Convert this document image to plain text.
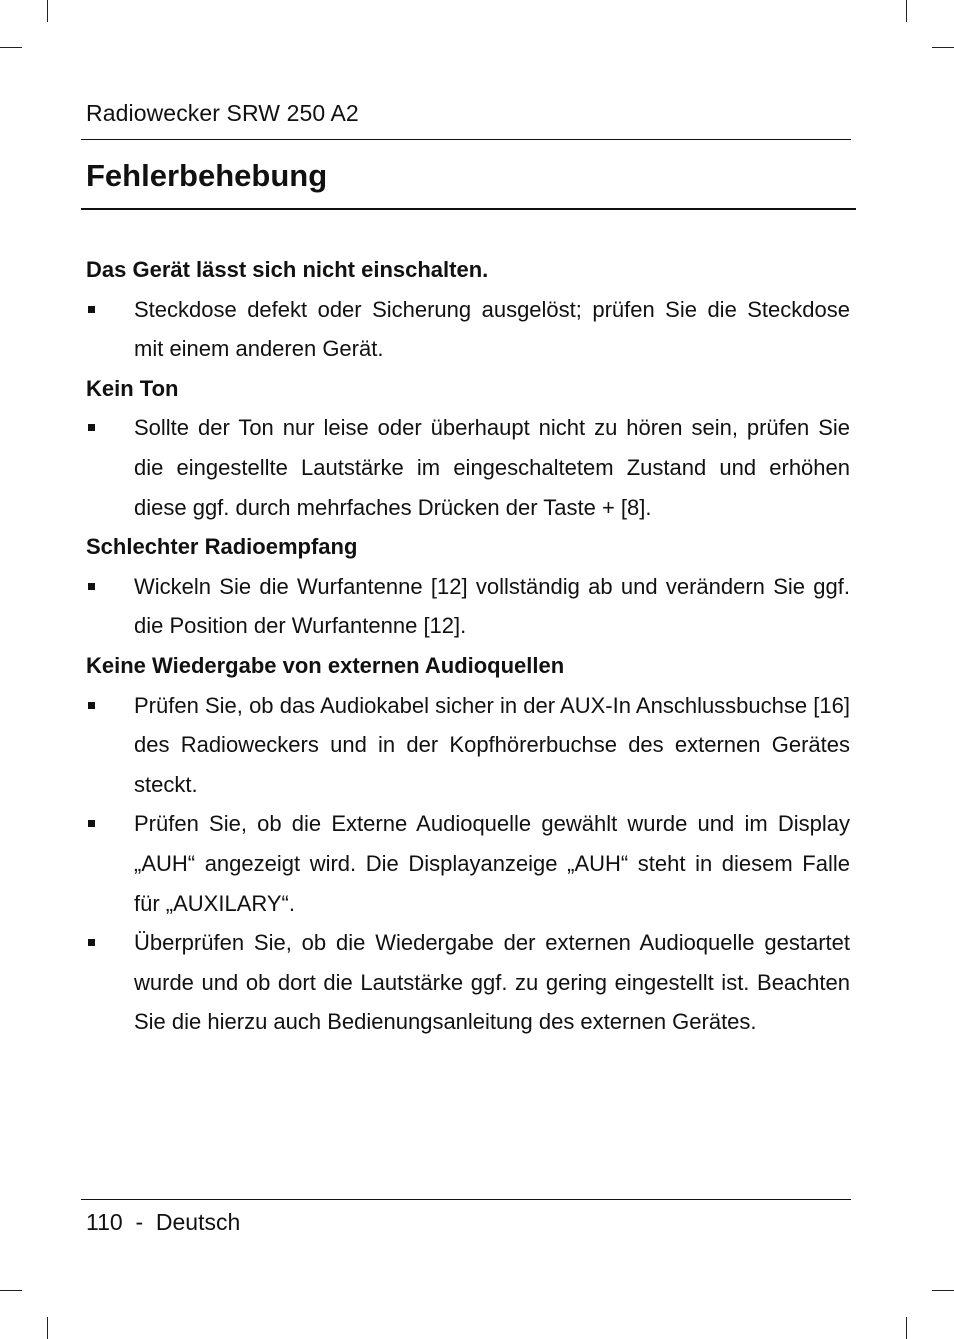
Radiowecker SRW 250 A2
Fehlerbehebung

Das Gerät lässt sich nicht einschalten.

Steckdose defekt oder Sicherung ausgelöst; prüfen Sie die Steckdose mit einem anderen Gerät.

Kein Ton

Sollte der Ton nur leise oder überhaupt nicht zu hören sein, prüfen Sie die eingestellte Lautstärke im eingeschaltetem Zustand und erhöhen diese ggf. durch mehrfaches Drücken der Taste + [8].

Schlechter Radioempfang

Wickeln Sie die Wurfantenne [12] vollständig ab und verändern Sie ggf. die Position der Wurfantenne [12].

Keine Wiedergabe von externen Audioquellen

Prüfen Sie, ob das Audiokabel sicher in der AUX-In Anschlussbuchse [16] des Radioweckers und in der Kopfhörerbuchse des externen Gerätes steckt.
Prüfen Sie, ob die Externe Audioquelle gewählt wurde und im Display „AUH“ angezeigt wird. Die Displayanzeige „AUH“ steht in diesem Falle für „AUXILARY“.
Überprüfen Sie, ob die Wiedergabe der externen Audioquelle gestartet wurde und ob dort die Lautstärke ggf. zu gering eingestellt ist. Beachten Sie die hierzu auch Bedienungsanleitung des externen Gerätes.
110 - Deutsch
